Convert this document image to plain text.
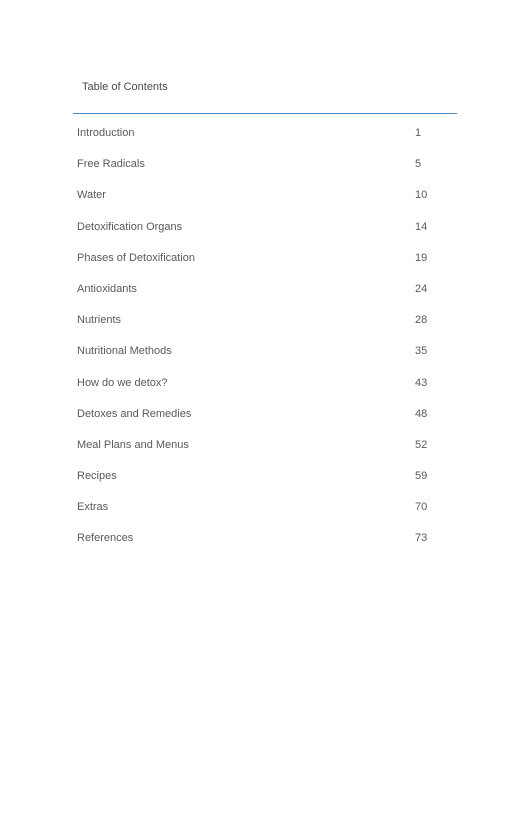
Table of Contents
Introduction	1
Free Radicals	5
Water	10
Detoxification Organs	14
Phases of Detoxification	19
Antioxidants	24
Nutrients	28
Nutritional Methods	35
How do we detox?	43
Detoxes and Remedies	48
Meal Plans and Menus	52
Recipes	59
Extras	70
References	73
